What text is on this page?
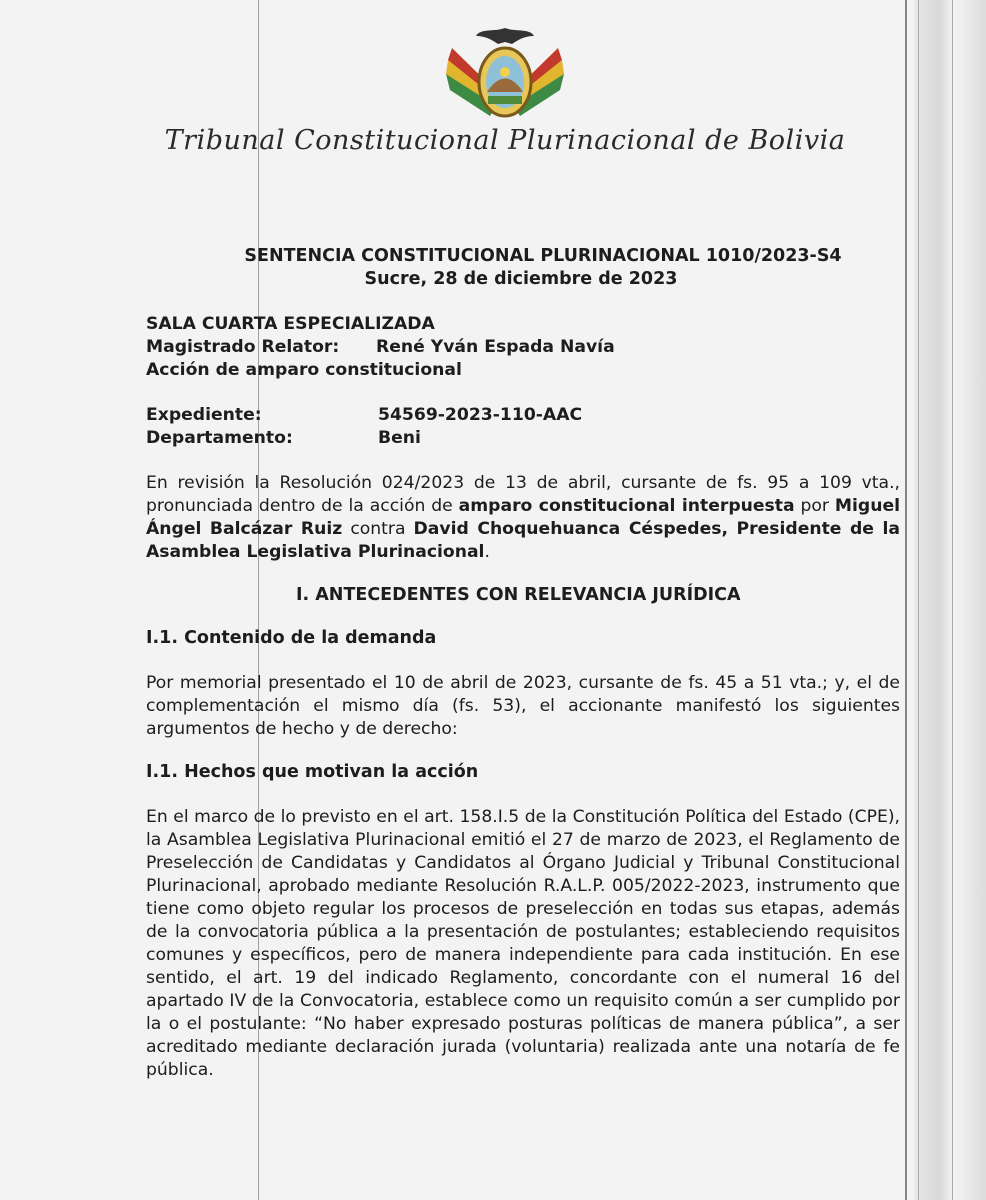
Tribunal Constitucional Plurinacional de Bolivia
SENTENCIA CONSTITUCIONAL PLURINACIONAL 1010/2023-S4
Sucre, 28 de diciembre de 2023
SALA CUARTA ESPECIALIZADA
Magistrado Relator:	René Yván Espada Navía
Acción de amparo constitucional
Expediente:	54569-2023-110-AAC
Departamento:	Beni

En revisión la Resolución 024/2023 de 13 de abril, cursante de fs. 95 a 109 vta., pronunciada dentro de la acción de amparo constitucional interpuesta por Miguel Ángel Balcázar Ruiz contra David Choquehuanca Céspedes, Presidente de la Asamblea Legislativa Plurinacional.

I. ANTECEDENTES CON RELEVANCIA JURÍDICA
I.1. Contenido de la demanda

Por memorial presentado el 10 de abril de 2023, cursante de fs. 45 a 51 vta.; y, el de complementación el mismo día (fs. 53), el accionante manifestó los siguientes argumentos de hecho y de derecho:

I.1. Hechos que motivan la acción

En el marco de lo previsto en el art. 158.I.5 de la Constitución Política del Estado (CPE), la Asamblea Legislativa Plurinacional emitió el 27 de marzo de 2023, el Reglamento de Preselección de Candidatas y Candidatos al Órgano Judicial y Tribunal Constitucional Plurinacional, aprobado mediante Resolución R.A.L.P. 005/2022-2023, instrumento que tiene como objeto regular los procesos de preselección en todas sus etapas, además de la convocatoria pública a la presentación de postulantes; estableciendo requisitos comunes y específicos, pero de manera independiente para cada institución. En ese sentido, el art. 19 del indicado Reglamento, concordante con el numeral 16 del apartado IV de la Convocatoria, establece como un requisito común a ser cumplido por la o el postulante: “No haber expresado posturas políticas de manera pública”, a ser acreditado mediante declaración jurada (voluntaria) realizada ante una notaría de fe pública.
